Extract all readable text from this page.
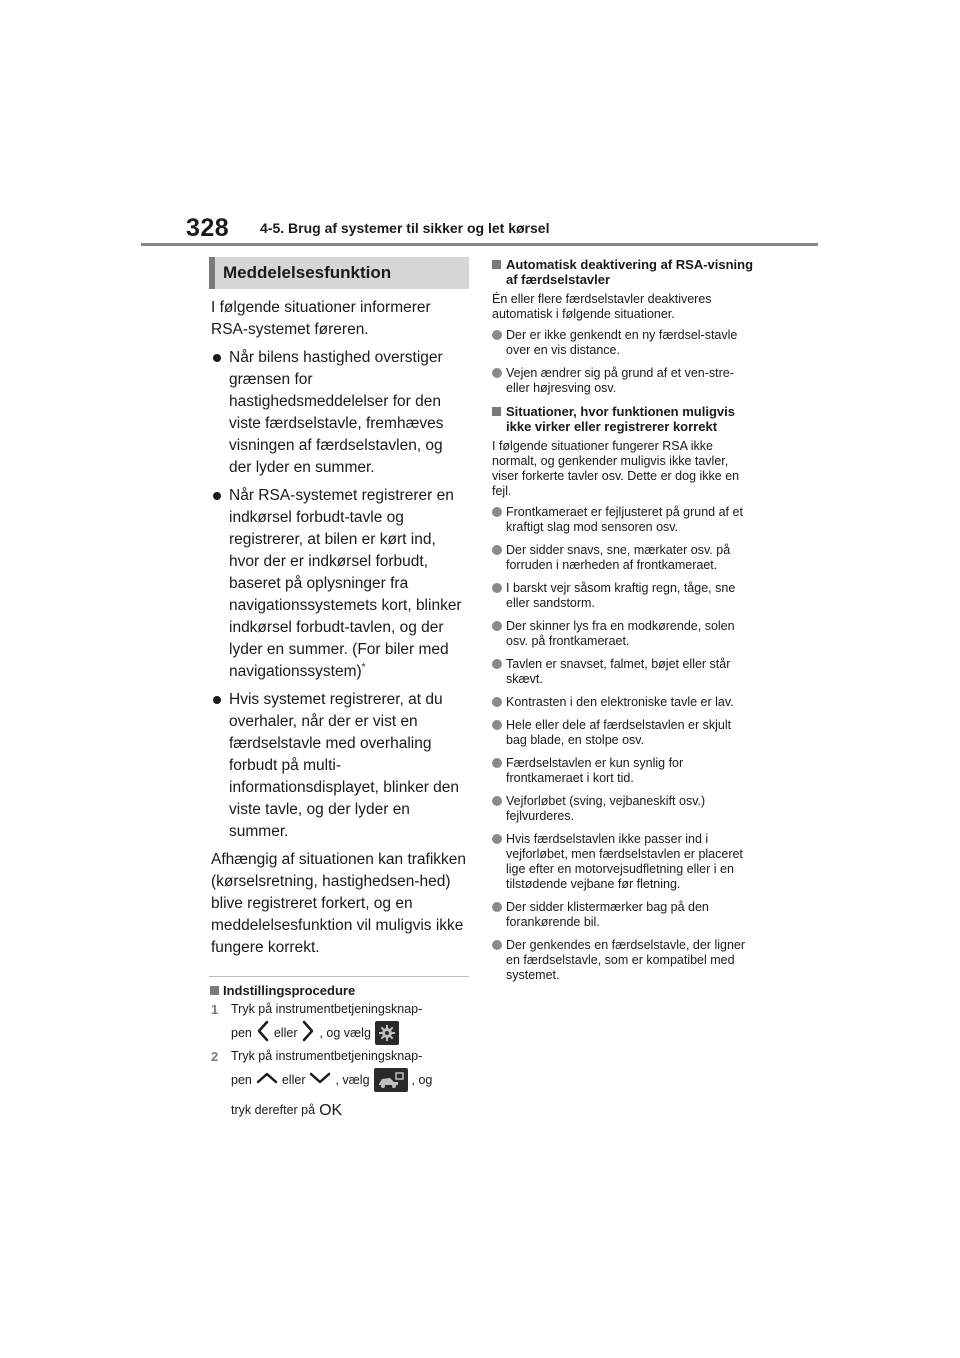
328 4-5. Brug af systemer til sikker og let kørsel
Meddelelsesfunktion

I følgende situationer informerer RSA-systemet føreren.

Når bilens hastighed overstiger grænsen for hastighedsmeddelelser for den viste færdselstavle, fremhæves visningen af færdselstavlen, og der lyder en summer.
Når RSA-systemet registrerer en indkørsel forbudt-tavle og registrerer, at bilen er kørt ind, hvor der er indkørsel forbudt, baseret på oplysninger fra navigationssystemets kort, blinker indkørsel forbudt-tavlen, og der lyder en summer. (For biler med navigationssystem)*
Hvis systemet registrerer, at du overhaler, når der er vist en færdselstavle med overhaling forbudt på multi-informationsdisplayet, blinker den viste tavle, og der lyder en summer.

Afhængig af situationen kan trafikken (kørselsretning, hastighedsen-hed) blive registreret forkert, og en meddelelsesfunktion vil muligvis ikke fungere korrekt.

Indstillingsprocedure
1 Tryk på instrumentbetjeningsknap-
pen eller , og vælg
2 Tryk på instrumentbetjeningsknap-
pen eller , vælg	, og
tryk derefter på OK
Automatisk deaktivering af RSA-visning af færdselstavler

Én eller flere færdselstavler deaktiveres automatisk i følgende situationer.

Der er ikke genkendt en ny færdsel-stavle over en vis distance.
Vejen ændrer sig på grund af et ven-stre- eller højresving osv.
Situationer, hvor funktionen muligvis ikke virker eller registrerer korrekt

I følgende situationer fungerer RSA ikke normalt, og genkender muligvis ikke tavler, viser forkerte tavler osv. Dette er dog ikke en fejl.

Frontkameraet er fejljusteret på grund af et kraftigt slag mod sensoren osv.
Der sidder snavs, sne, mærkater osv. på forruden i nærheden af frontkameraet.
I barskt vejr såsom kraftig regn, tåge, sne eller sandstorm.
Der skinner lys fra en modkørende, solen osv. på frontkameraet.
Tavlen er snavset, falmet, bøjet eller står skævt.
Kontrasten i den elektroniske tavle er lav.
Hele eller dele af færdselstavlen er skjult bag blade, en stolpe osv.
Færdselstavlen er kun synlig for frontkameraet i kort tid.
Vejforløbet (sving, vejbaneskift osv.) fejlvurderes.
Hvis færdselstavlen ikke passer ind i vejforløbet, men færdselstavlen er placeret lige efter en motorvejsudfletning eller i en tilstødende vejbane før fletning.
Der sidder klistermærker bag på den forankørende bil.
Der genkendes en færdselstavle, der ligner en færdselstavle, som er kompatibel med systemet.
